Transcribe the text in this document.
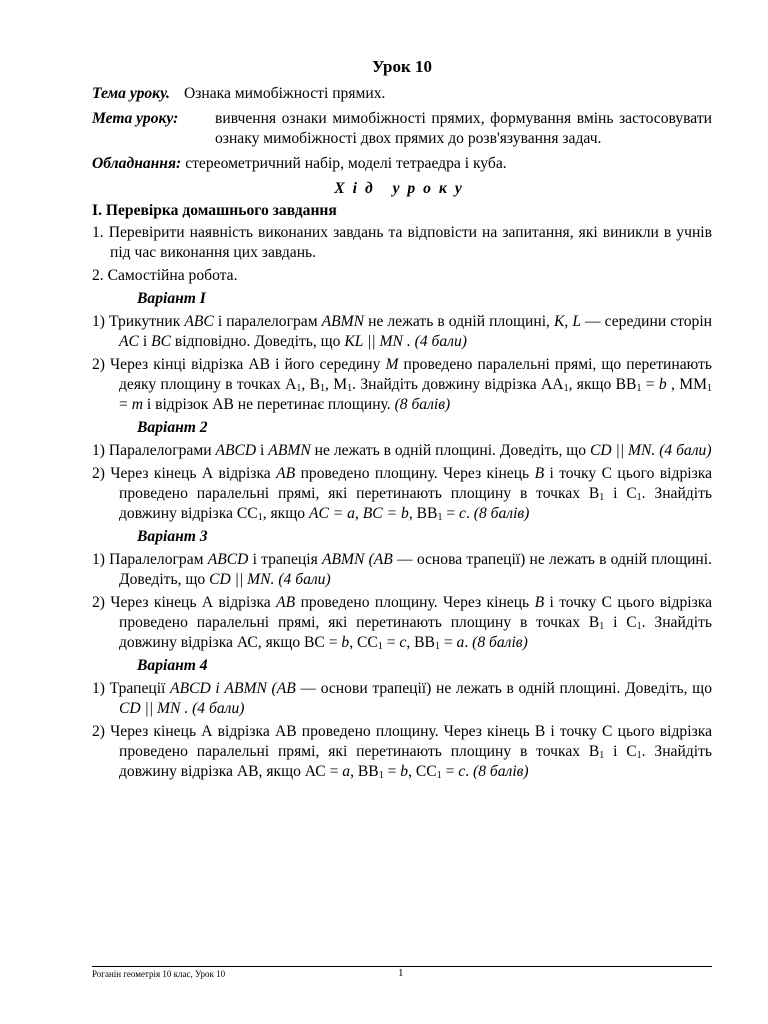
Урок 10
Тема уроку. Ознака мимобіжності прямих.
Мета уроку:	вивчення ознаки мимобіжності прямих, формування вмінь застосовувати ознаку мимобіжності двох прямих до розв'язування задач.
Обладнання: стереометричний набір, моделі тетраедра і куба.
Хід уроку
І. Перевірка домашнього завдання
1. Перевірити наявність виконаних завдань та відповісти на запитання, які виникли в учнів під час виконання цих завдань.
2. Самостійна робота.
Варіант І
1) Трикутник ABC і паралелограм ABMN не лежать в одній площині, K, L — середини сторін AC і BC відповідно. Доведіть, що KL || MN . (4 бали)
2) Через кінці відрізка АВ і його середину M проведено паралельні прямі, що перетинають деяку площину в точках $А_1$, $В_1$, $М_1$. Знайдіть довжину відрізка $АА_1$, якщо $ВВ_1 = b$ , $ММ_1 = m$ і відрізок АВ не перетинає площину. (8 балів)
Варіант 2
1) Паралелограми ABCD і ABMN не лежать в одній площині. Доведіть, що CD || MN. (4 бали)
2) Через кінець А відрізка AB проведено площину. Через кінець B і точку С цього відрізка проведено паралельні прямі, які перетинають площину в точках $В_1$ і $С_1$. Знайдіть довжину відрізка $СС_1$, якщо AC = a, BC = b, $ВВ_1 = c$. (8 балів)
Варіант 3
1) Паралелограм ABCD і трапеція ABMN (AB — основа трапеції) не лежать в одній площині. Доведіть, що CD || MN. (4 бали)
2) Через кінець А відрізка AB проведено площину. Через кінець B і точку С цього відрізка проведено паралельні прямі, які перетинають площину в точках $В_1$ і $С_1$. Знайдіть довжину відрізка АС, якщо ВС = b, $СС_1 = c$, $ВВ_1 = a$. (8 балів)
Варіант 4
1) Трапеції ABCD і ABMN (AB — основи трапеції) не лежать в одній площині. Доведіть, що CD || MN . (4 бали)
2) Через кінець А відрізка АВ проведено площину. Через кінець В і точку С цього відрізка проведено паралельні прямі, які перетинають площину в точках $В_1$ і $С_1$. Знайдіть довжину відрізка АВ, якщо АС = a, $ВВ_1 = b$, $СС_1 = c$. (8 балів)
Роганін геометрія 10 клас, Урок 10	1
